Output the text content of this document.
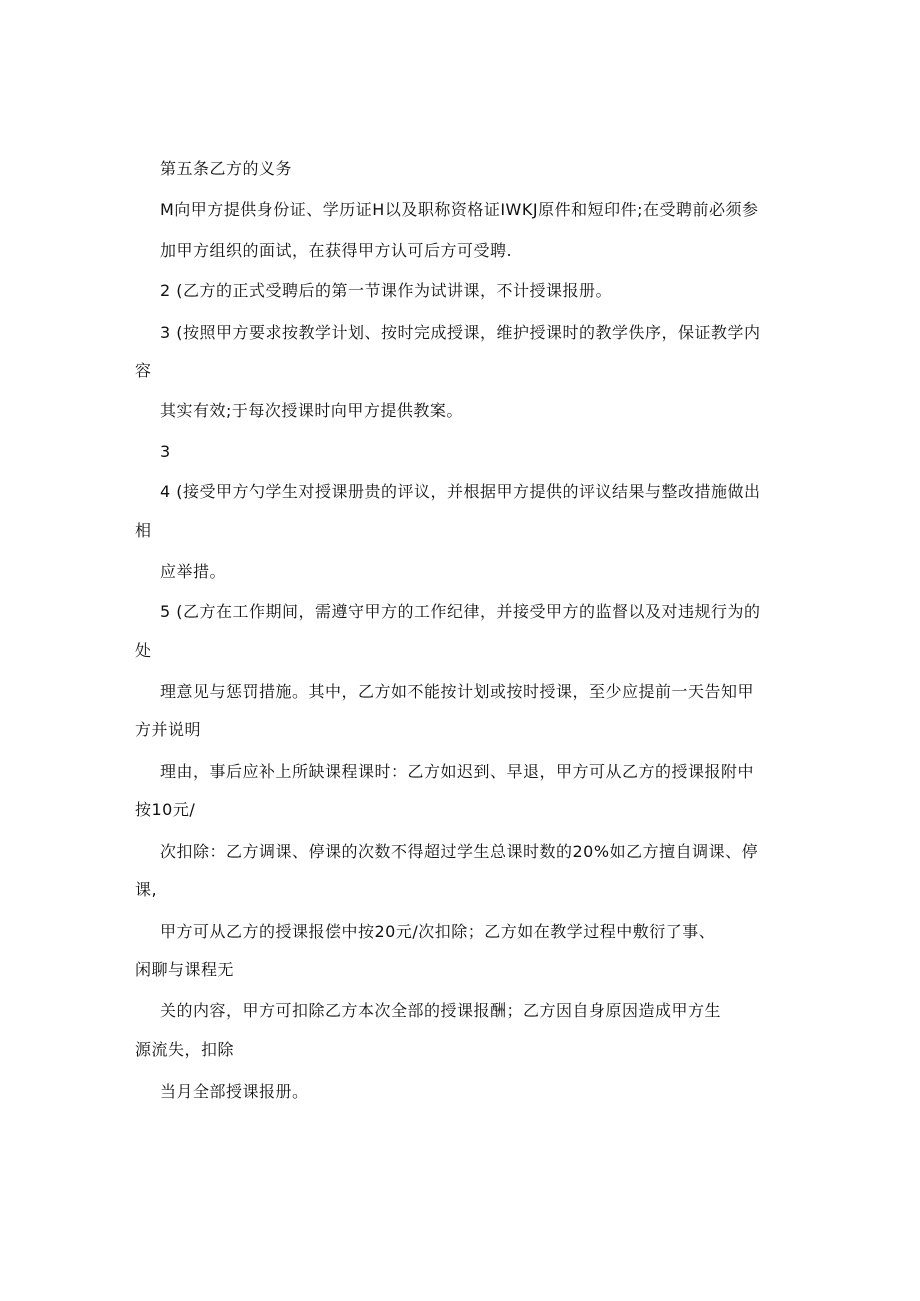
第五条乙方的义务
M向甲方提供身份证、学历证H以及职称资格证IWKJ原件和短印件;在受聘前必须参
加甲方组织的面试，在获得甲方认可后方可受聘.
2 (乙方的正式受聘后的第一节课作为试讲课，不计授课报册。
3 (按照甲方要求按教学计划、按时完成授课，维护授课时的教学佚序，保证教学内
容
其实有效;于每次授课时向甲方提供教案。
3
4 (接受甲方勺学生对授课册贵的评议，并根据甲方提供的评议结果与整改措施做出
相
应举措。
5 (乙方在工作期间，需遵守甲方的工作纪律，并接受甲方的监督以及对违规行为的
处
理意见与惩罚措施。其中，乙方如不能按计划或按时授课，至少应提前一天告知甲
方并说明
理由，事后应补上所缺课程课时：乙方如迟到、早退，甲方可从乙方的授课报附中
按10元/
次扣除：乙方调课、停课的次数不得超过学生总课时数的20%如乙方擅自调课、停
课,
甲方可从乙方的授课报偿中按20元/次扣除；乙方如在教学过程中敷衍了事、
闲聊与课程无
关的内容，甲方可扣除乙方本次全部的授课报酬；乙方因自身原因造成甲方生
源流失，扣除
当月全部授课报册。
